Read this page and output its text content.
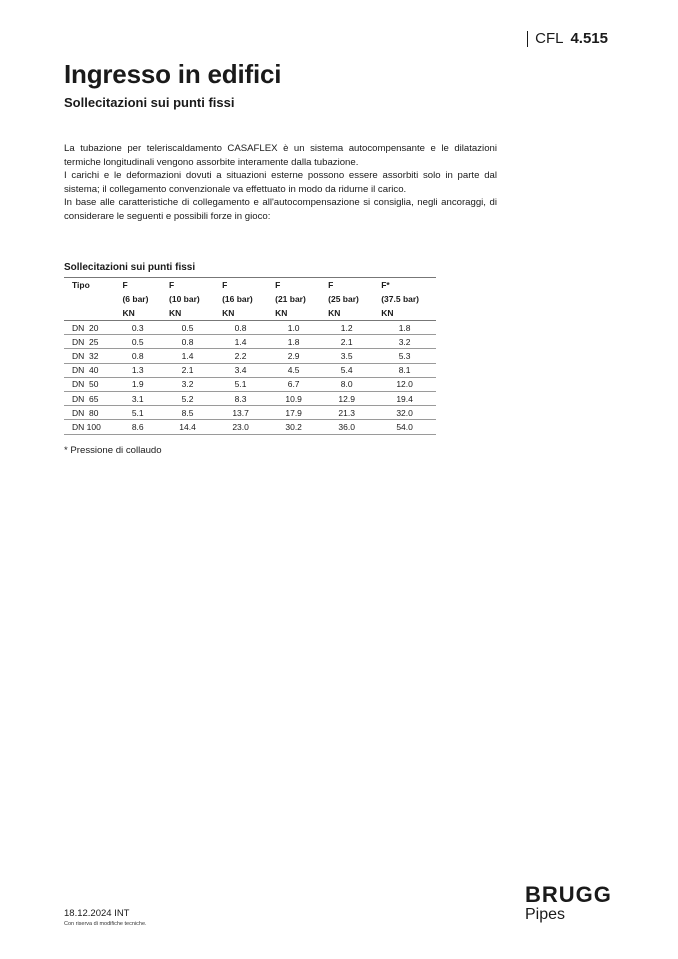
CFL 4.515
Ingresso in edifici
Sollecitazioni sui punti fissi

La tubazione per teleriscaldamento CASAFLEX è un sistema autocompensante e le dilatazioni termiche longitudinali vengono assorbite interamente dalla tubazione.

I carichi e le deformazioni dovuti a situazioni esterne possono essere assorbiti solo in parte dal sistema; il collegamento convenzionale va effettuato in modo da ridurne il carico.

In base alle caratteristiche di collegamento e all'autocompensazione si consiglia, negli ancoraggi, di considerare le seguenti e possibili forze in gioco:

Sollecitazioni sui punti fissi

Tipo	F	F	F	F	F	F*
	(6 bar)	(10 bar)	(16 bar)	(21 bar)	(25 bar)	(37.5 bar)
	KN	KN	KN	KN	KN	KN
DN  20	0.3	0.5	0.8	1.0	1.2	1.8
DN  25	0.5	0.8	1.4	1.8	2.1	3.2
DN  32	0.8	1.4	2.2	2.9	3.5	5.3
DN  40	1.3	2.1	3.4	4.5	5.4	8.1
DN  50	1.9	3.2	5.1	6.7	8.0	12.0
DN  65	3.1	5.2	8.3	10.9	12.9	19.4
DN  80	5.1	8.5	13.7	17.9	21.3	32.0
DN 100	8.6	14.4	23.0	30.2	36.0	54.0

* Pressione di collaudo

18.12.2024 INT
Con riserva di modifiche tecniche.
BRUGG
Pipes
